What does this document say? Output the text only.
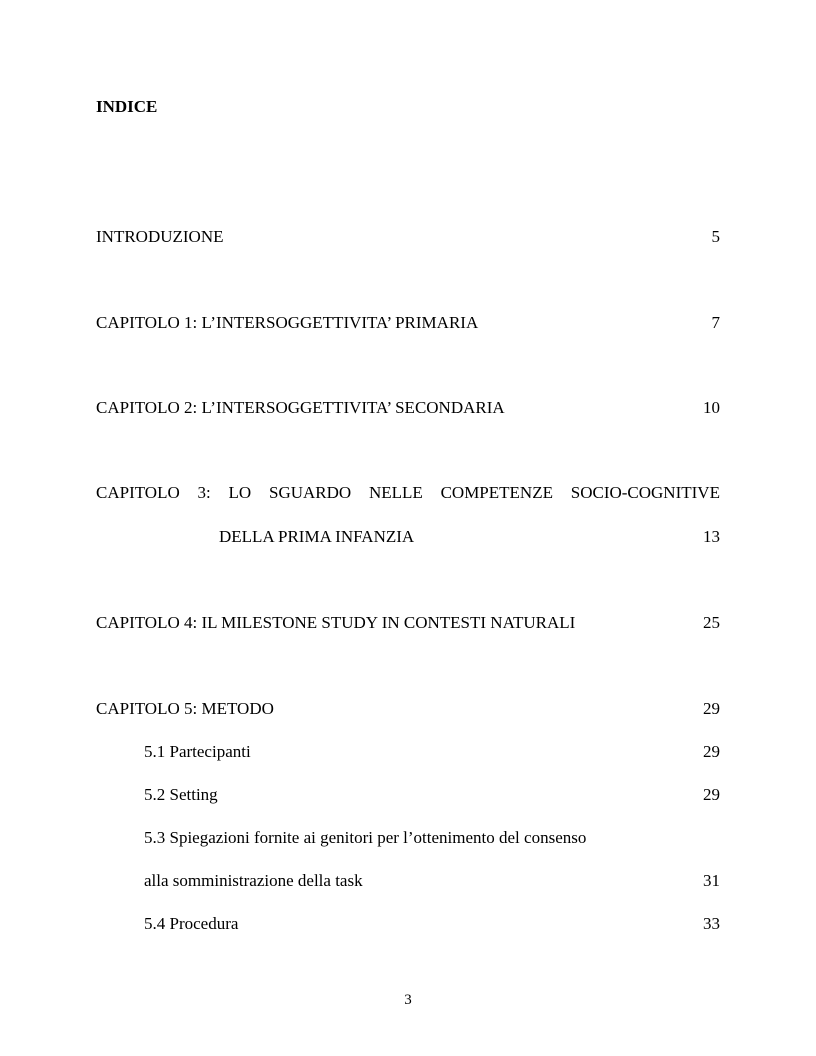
INDICE
INTRODUZIONE	5
CAPITOLO 1: L’INTERSOGGETTIVITA’ PRIMARIA	7
CAPITOLO 2: L’INTERSOGGETTIVITA’ SECONDARIA	10
CAPITOLO 3: LO SGUARDO NELLE COMPETENZE SOCIO-COGNITIVE
DELLA PRIMA INFANZIA	13
CAPITOLO 4: IL MILESTONE STUDY IN CONTESTI NATURALI	25
CAPITOLO 5: METODO	29
5.1 Partecipanti	29
5.2 Setting	29
5.3 Spiegazioni fornite ai genitori per l’ottenimento del consenso
alla somministrazione della task	31
5.4 Procedura	33
3
